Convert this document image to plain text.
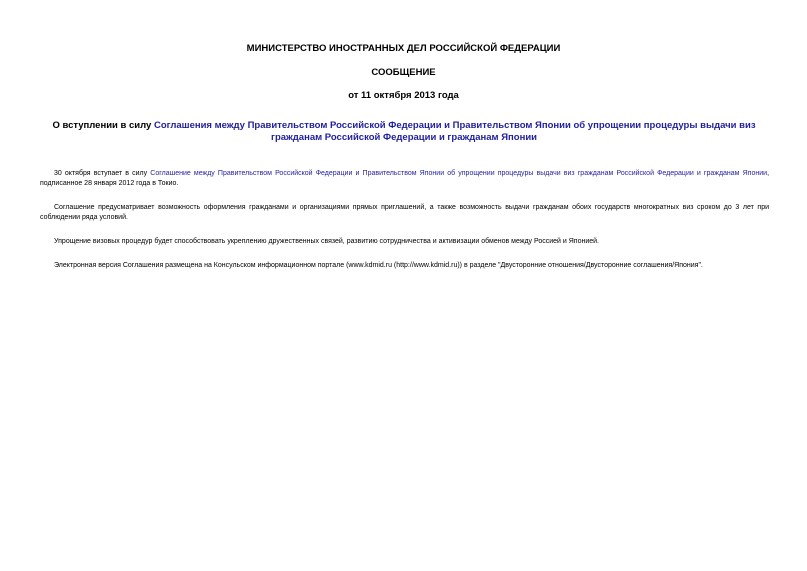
МИНИСТЕРСТВО ИНОСТРАННЫХ ДЕЛ РОССИЙСКОЙ ФЕДЕРАЦИИ
СООБЩЕНИЕ
от 11 октября 2013 года
О вступлении в силу Соглашения между Правительством Российской Федерации и Правительством Японии об упрощении процедуры выдачи виз гражданам Российской Федерации и гражданам Японии

30 октября вступает в силу Соглашение между Правительством Российской Федерации и Правительством Японии об упрощении процедуры выдачи виз гражданам Российской Федерации и гражданам Японии, подписанное 28 января 2012 года в Токио.

Соглашение предусматривает возможность оформления гражданами и организациями прямых приглашений, а также возможность выдачи гражданам обоих государств многократных виз сроком до 3 лет при соблюдении ряда условий.

Упрощение визовых процедур будет способствовать укреплению дружественных связей, развитию сотрудничества и активизации обменов между Россией и Японией.

Электронная версия Соглашения размещена на Консульском информационном портале (www.kdmid.ru (http://www.kdmid.ru)) в разделе "Двусторонние отношения/Двусторонние соглашения/Япония".
